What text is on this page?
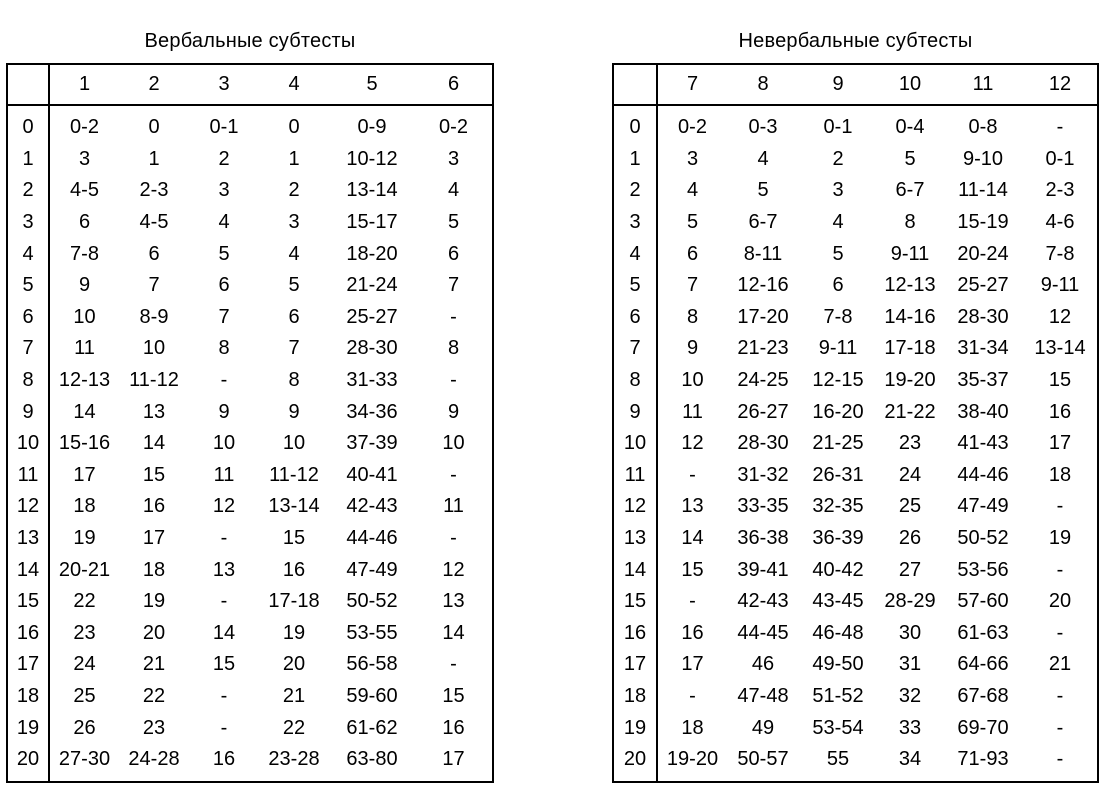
Вербальные субтесты
	1	2	3	4	5	6
0	0-2	0	0-1	0	0-9	0-2
1	3	1	2	1	10-12	3
2	4-5	2-3	3	2	13-14	4
3	6	4-5	4	3	15-17	5
4	7-8	6	5	4	18-20	6
5	9	7	6	5	21-24	7
6	10	8-9	7	6	25-27	-
7	11	10	8	7	28-30	8
8	12-13	11-12	-	8	31-33	-
9	14	13	9	9	34-36	9
10	15-16	14	10	10	37-39	10
11	17	15	11	11-12	40-41	-
12	18	16	12	13-14	42-43	11
13	19	17	-	15	44-46	-
14	20-21	18	13	16	47-49	12
15	22	19	-	17-18	50-52	13
16	23	20	14	19	53-55	14
17	24	21	15	20	56-58	-
18	25	22	-	21	59-60	15
19	26	23	-	22	61-62	16
20	27-30	24-28	16	23-28	63-80	17
Невербальные субтесты
	7	8	9	10	11	12
0	0-2	0-3	0-1	0-4	0-8	-
1	3	4	2	5	9-10	0-1
2	4	5	3	6-7	11-14	2-3
3	5	6-7	4	8	15-19	4-6
4	6	8-11	5	9-11	20-24	7-8
5	7	12-16	6	12-13	25-27	9-11
6	8	17-20	7-8	14-16	28-30	12
7	9	21-23	9-11	17-18	31-34	13-14
8	10	24-25	12-15	19-20	35-37	15
9	11	26-27	16-20	21-22	38-40	16
10	12	28-30	21-25	23	41-43	17
11	-	31-32	26-31	24	44-46	18
12	13	33-35	32-35	25	47-49	-
13	14	36-38	36-39	26	50-52	19
14	15	39-41	40-42	27	53-56	-
15	-	42-43	43-45	28-29	57-60	20
16	16	44-45	46-48	30	61-63	-
17	17	46	49-50	31	64-66	21
18	-	47-48	51-52	32	67-68	-
19	18	49	53-54	33	69-70	-
20	19-20	50-57	55	34	71-93	-
